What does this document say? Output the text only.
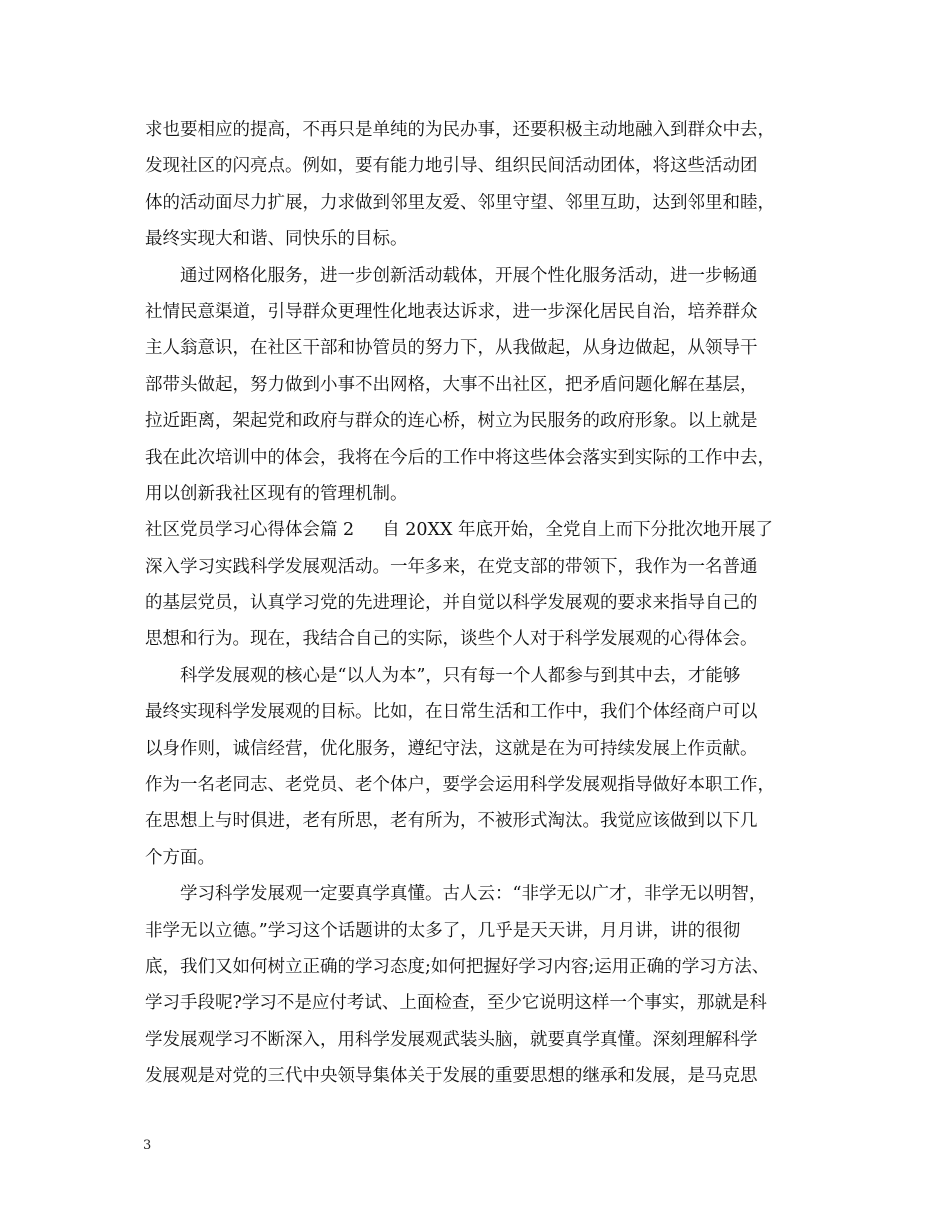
求也要相应的提高，不再只是单纯的为民办事，还要积极主动地融入到群众中去，
发现社区的闪亮点。例如，要有能力地引导、组织民间活动团体，将这些活动团
体的活动面尽力扩展，力求做到邻里友爱、邻里守望、邻里互助，达到邻里和睦，
最终实现大和谐、同快乐的目标。
通过网格化服务，进一步创新活动载体，开展个性化服务活动，进一步畅通
社情民意渠道，引导群众更理性化地表达诉求，进一步深化居民自治，培养群众
主人翁意识，在社区干部和协管员的努力下，从我做起，从身边做起，从领导干
部带头做起，努力做到小事不出网格，大事不出社区，把矛盾问题化解在基层，
拉近距离，架起党和政府与群众的连心桥，树立为民服务的政府形象。以上就是
我在此次培训中的体会，我将在今后的工作中将这些体会落实到实际的工作中去，
用以创新我社区现有的管理机制。
社区党员学习心得体会篇 2 自 20XX 年底开始，全党自上而下分批次地开展了
深入学习实践科学发展观活动。一年多来，在党支部的带领下，我作为一名普通
的基层党员，认真学习党的先进理论，并自觉以科学发展观的要求来指导自己的
思想和行为。现在，我结合自己的实际，谈些个人对于科学发展观的心得体会。
科学发展观的核心是“以人为本”，只有每一个人都参与到其中去，才能够
最终实现科学发展观的目标。比如，在日常生活和工作中，我们个体经商户可以
以身作则，诚信经营，优化服务，遵纪守法，这就是在为可持续发展上作贡献。
作为一名老同志、老党员、老个体户，要学会运用科学发展观指导做好本职工作，
在思想上与时俱进，老有所思，老有所为，不被形式淘汰。我觉应该做到以下几
个方面。
学习科学发展观一定要真学真懂。古人云：“非学无以广才，非学无以明智，
非学无以立德。”学习这个话题讲的太多了，几乎是天天讲，月月讲，讲的很彻
底，我们又如何树立正确的学习态度;如何把握好学习内容;运用正确的学习方法、
学习手段呢?学习不是应付考试、上面检查，至少它说明这样一个事实，那就是科
学发展观学习不断深入，用科学发展观武装头脑，就要真学真懂。深刻理解科学
发展观是对党的三代中央领导集体关于发展的重要思想的继承和发展，是马克思
3
